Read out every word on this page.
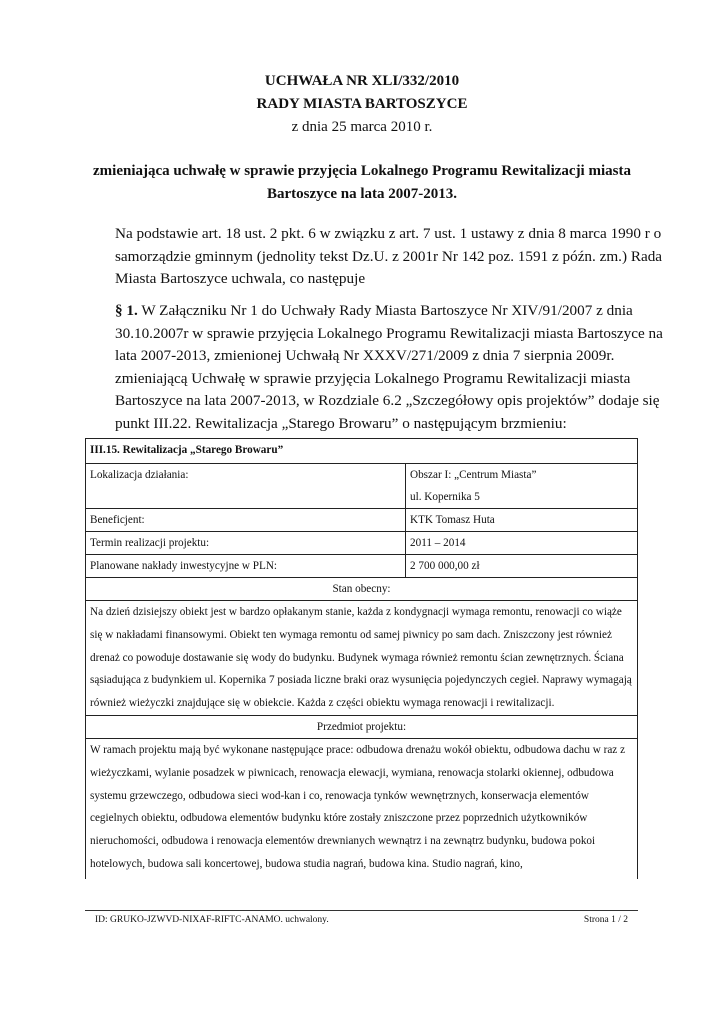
UCHWAŁA NR XLI/332/2010
RADY MIASTA BARTOSZYCE
z dnia 25 marca 2010 r.
zmieniająca uchwałę w sprawie przyjęcia Lokalnego Programu Rewitalizacji miasta Bartoszyce na lata 2007-2013.
Na podstawie art. 18 ust. 2 pkt. 6 w związku z art. 7 ust. 1 ustawy z dnia 8 marca 1990 r o samorządzie gminnym (jednolity tekst Dz.U. z 2001r Nr 142 poz. 1591 z późn. zm.) Rada Miasta Bartoszyce uchwala, co następuje
§ 1. W Załączniku Nr 1 do Uchwały Rady Miasta Bartoszyce Nr XIV/91/2007 z dnia 30.10.2007r w sprawie przyjęcia Lokalnego Programu Rewitalizacji miasta Bartoszyce na lata 2007-2013, zmienionej Uchwałą Nr XXXV/271/2009 z dnia 7 sierpnia 2009r. zmieniającą Uchwałę w sprawie przyjęcia Lokalnego Programu Rewitalizacji miasta Bartoszyce na lata 2007-2013, w Rozdziale 6.2 „Szczegółowy opis projektów” dodaje się punkt III.22. Rewitalizacja „Starego Browaru” o następującym brzmieniu:
III.15. Rewitalizacja „Starego Browaru”	
Lokalizacja działania:	Obszar I: „Centrum Miasta”
ul. Kopernika 5

Beneficjent:	KTK Tomasz Huta
Termin realizacji projektu:	2011 – 2014
Planowane nakłady inwestycyjne w PLN:	2 700 000,00 zł
Stan obecny:	
Na dzień dzisiejszy obiekt jest w bardzo opłakanym stanie, każda z kondygnacji wymaga remontu, renowacji co wiąże się w nakładami finansowymi. Obiekt ten wymaga remontu od samej piwnicy po sam dach. Zniszczony jest również drenaż co powoduje dostawanie się wody do budynku. Budynek wymaga również remontu ścian zewnętrznych. Ściana sąsiadująca z budynkiem ul. Kopernika 7 posiada liczne braki oraz wysunięcia pojedynczych cegieł. Naprawy wymagają również wieżyczki znajdujące się w obiekcie. Każda z części obiektu wymaga renowacji i rewitalizacji.	
Przedmiot projektu:	

W ramach projektu mają być wykonane następujące prace: odbudowa drenażu wokół obiektu, odbudowa dachu w raz z wieżyczkami, wylanie posadzek w piwnicach, renowacja elewacji, wymiana, renowacja stolarki okiennej, odbudowa systemu grzewczego, odbudowa sieci wod-kan i co, renowacja tynków wewnętrznych, konserwacja elementów cegielnych obiektu, odbudowa elementów budynku które zostały zniszczone przez poprzednich użytkowników nieruchomości, odbudowa i renowacja elementów drewnianych wewnątrz i na zewnątrz budynku, budowa pokoi hotelowych, budowa sali koncertowej, budowa studia nagrań, budowa kina. Studio nagrań, kino,	
ID: GRUKO-JZWVD-NIXAF-RIFTC-ANAMO. uchwalony.	Strona 1 / 2
